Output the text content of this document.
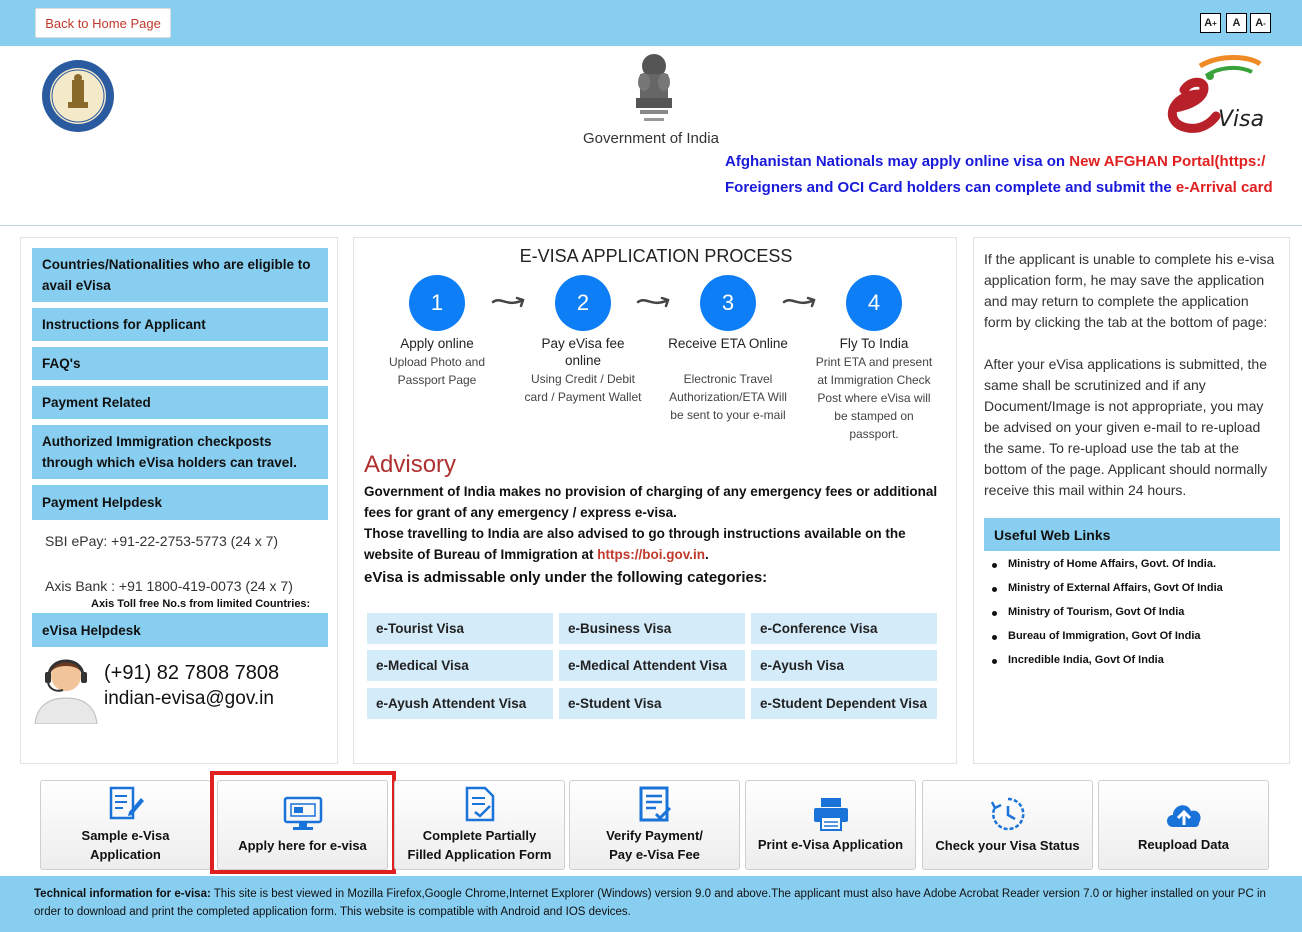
Back to Home Page	A + A A -
Government of India
Visa
Afghanistan Nationals may apply online visa on New AFGHAN Portal(https:/
Foreigners and OCI Card holders can complete and submit the e-Arrival card
Countries/Nationalities who are eligible to avail eVisa
Instructions for Applicant
FAQ's
Payment Related
Authorized Immigration checkposts through which eVisa holders can travel.
Payment Helpdesk
SBI ePay: +91-22-2753-5773 (24 x 7)
Axis Bank : +91 1800-419-0073 (24 x 7)
Axis Toll free No.s from limited Countries:
eVisa Helpdesk
(+91) 82 7808 7808
indian-evisa@gov.in
E-VISA APPLICATION PROCESS
1	2	3	4
Apply online
Upload Photo and Passport Page
Pay eVisa fee online
Using Credit / Debit card / Payment Wallet
Receive ETA Online
Electronic Travel Authorization/ETA Will be sent to your e-mail
Fly To India
Print ETA and present at Immigration Check Post where eVisa will be stamped on passport.
Advisory
Government of India makes no provision of charging of any emergency fees or additional fees for grant of any emergency / express e-visa.
Those travelling to India are also advised to go through instructions available on the website of Bureau of Immigration at https://boi.gov.in.
eVisa is admissable only under the following categories:
e-Tourist Visa	e-Business Visa	e-Conference Visa
e-Medical Visa	e-Medical Attendent Visa	e-Ayush Visa
e-Ayush Attendent Visa	e-Student Visa	e-Student Dependent Visa
If the applicant is unable to complete his e-visa application form, he may save the application and may return to complete the application form by clicking the tab at the bottom of page:
After your eVisa applications is submitted, the same shall be scrutinized and if any Document/Image is not appropriate, you may be advised on your given e-mail to re-upload the same. To re-upload use the tab at the bottom of the page. Applicant should normally receive this mail within 24 hours.
Useful Web Links
Ministry of Home Affairs, Govt. Of India.
Ministry of External Affairs, Govt Of India
Ministry of Tourism, Govt Of India
Bureau of Immigration, Govt Of India
Incredible India, Govt Of India
Sample e-Visa
Application
Apply here for e-visa
Complete Partially
Filled Application Form
Verify Payment/
Pay e-Visa Fee
Print e-Visa Application Check your Visa Status	Reupload Data
Technical information for e-visa: This site is best viewed in Mozilla Firefox,Google Chrome,Internet Explorer (Windows) version 9.0 and above.The applicant must also have Adobe Acrobat Reader version 7.0 or higher installed on your PC in order to download and print the completed application form. This website is compatible with Android and IOS devices.
